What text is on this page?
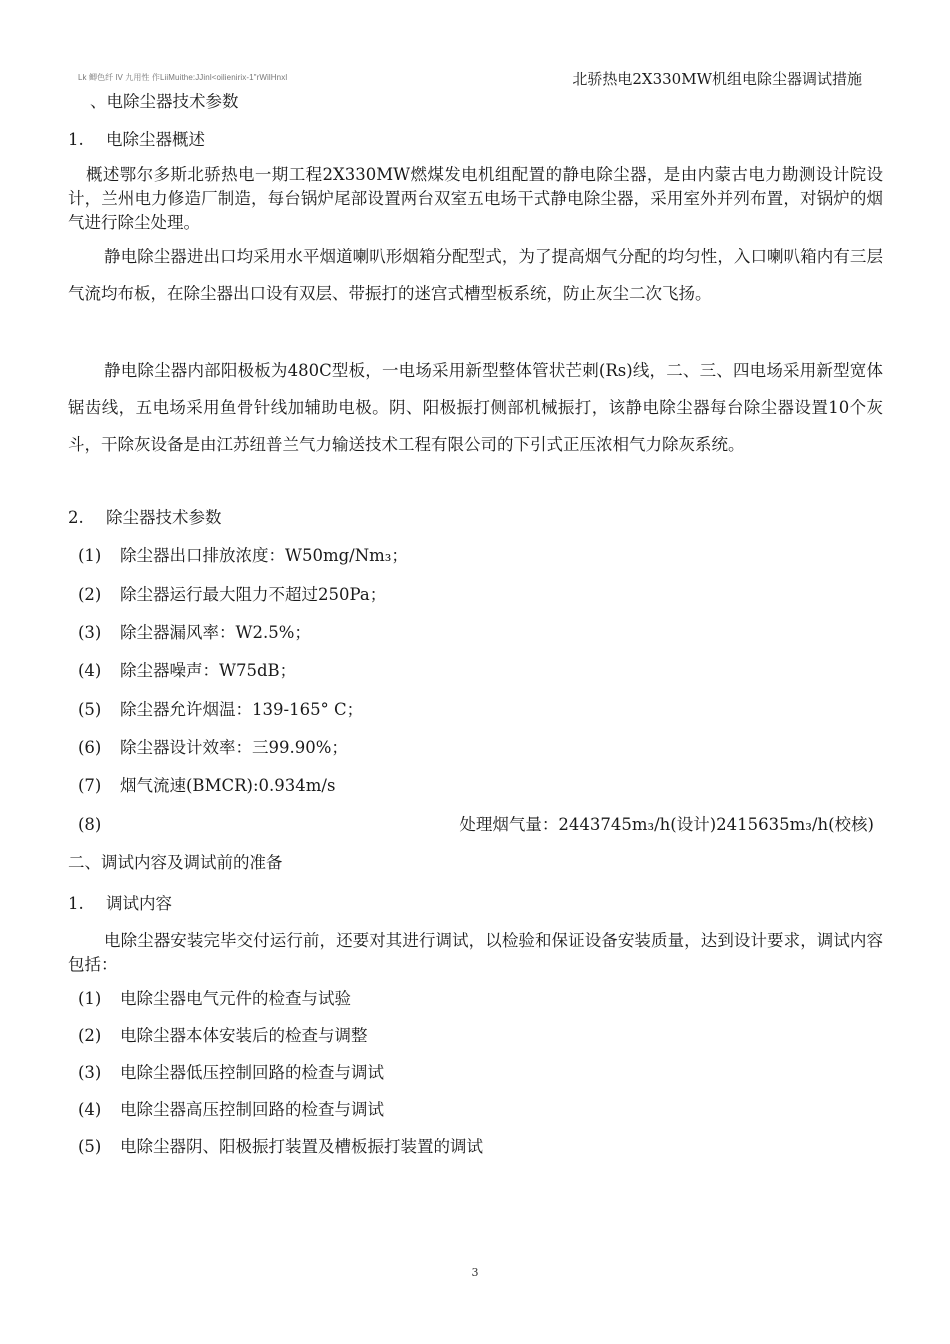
Lk 鲫色纤 lV 九用性 作LiiMuithe:JJinl<oilienirix-1"rWilHnxl	北骄热电2X330MW机组电除尘器调试措施
、电除尘器技术参数
1. 电除尘器概述
概述鄂尔多斯北骄热电一期工程2X330MW燃煤发电机组配置的静电除尘器，是由内蒙古电力勘测设计院设计，兰州电力修造厂制造，每台锅炉尾部设置两台双室五电场干式静电除尘器，采用室外并列布置，对锅炉的烟气进行除尘处理。
静电除尘器进出口均采用水平烟道喇叭形烟箱分配型式，为了提高烟气分配的均匀性，入口喇叭箱内有三层气流均布板，在除尘器出口设有双层、带振打的迷宫式槽型板系统，防止灰尘二次飞扬。
静电除尘器内部阳极板为480C型板，一电场采用新型整体管状芒刺(Rs)线，二、三、四电场采用新型宽体锯齿线，五电场采用鱼骨针线加辅助电极。阴、阳极振打侧部机械振打，该静电除尘器每台除尘器设置10个灰斗，干除灰设备是由江苏纽普兰气力输送技术工程有限公司的下引式正压浓相气力除灰系统。
2. 除尘器技术参数
(1) 除尘器出口排放浓度：W50mg/Nm₃；
(2) 除尘器运行最大阻力不超过250Pa；
(3) 除尘器漏风率：W2.5%；
(4) 除尘器噪声：W75dB；
(5) 除尘器允许烟温：139-165° C；
(6) 除尘器设计效率：三99.90%；
(7) 烟气流速(BMCR):0.934m/s
(8)	处理烟气量：2443745m₃/h(设计)2415635m₃/h(校核)
二、调试内容及调试前的准备
1. 调试内容
电除尘器安装完毕交付运行前，还要对其进行调试，以检验和保证设备安装质量，达到设计要求，调试内容包括：
(1) 电除尘器电气元件的检查与试验
(2) 电除尘器本体安装后的检查与调整
(3) 电除尘器低压控制回路的检查与调试
(4) 电除尘器高压控制回路的检查与调试
(5) 电除尘器阴、阳极振打装置及槽板振打装置的调试
3
